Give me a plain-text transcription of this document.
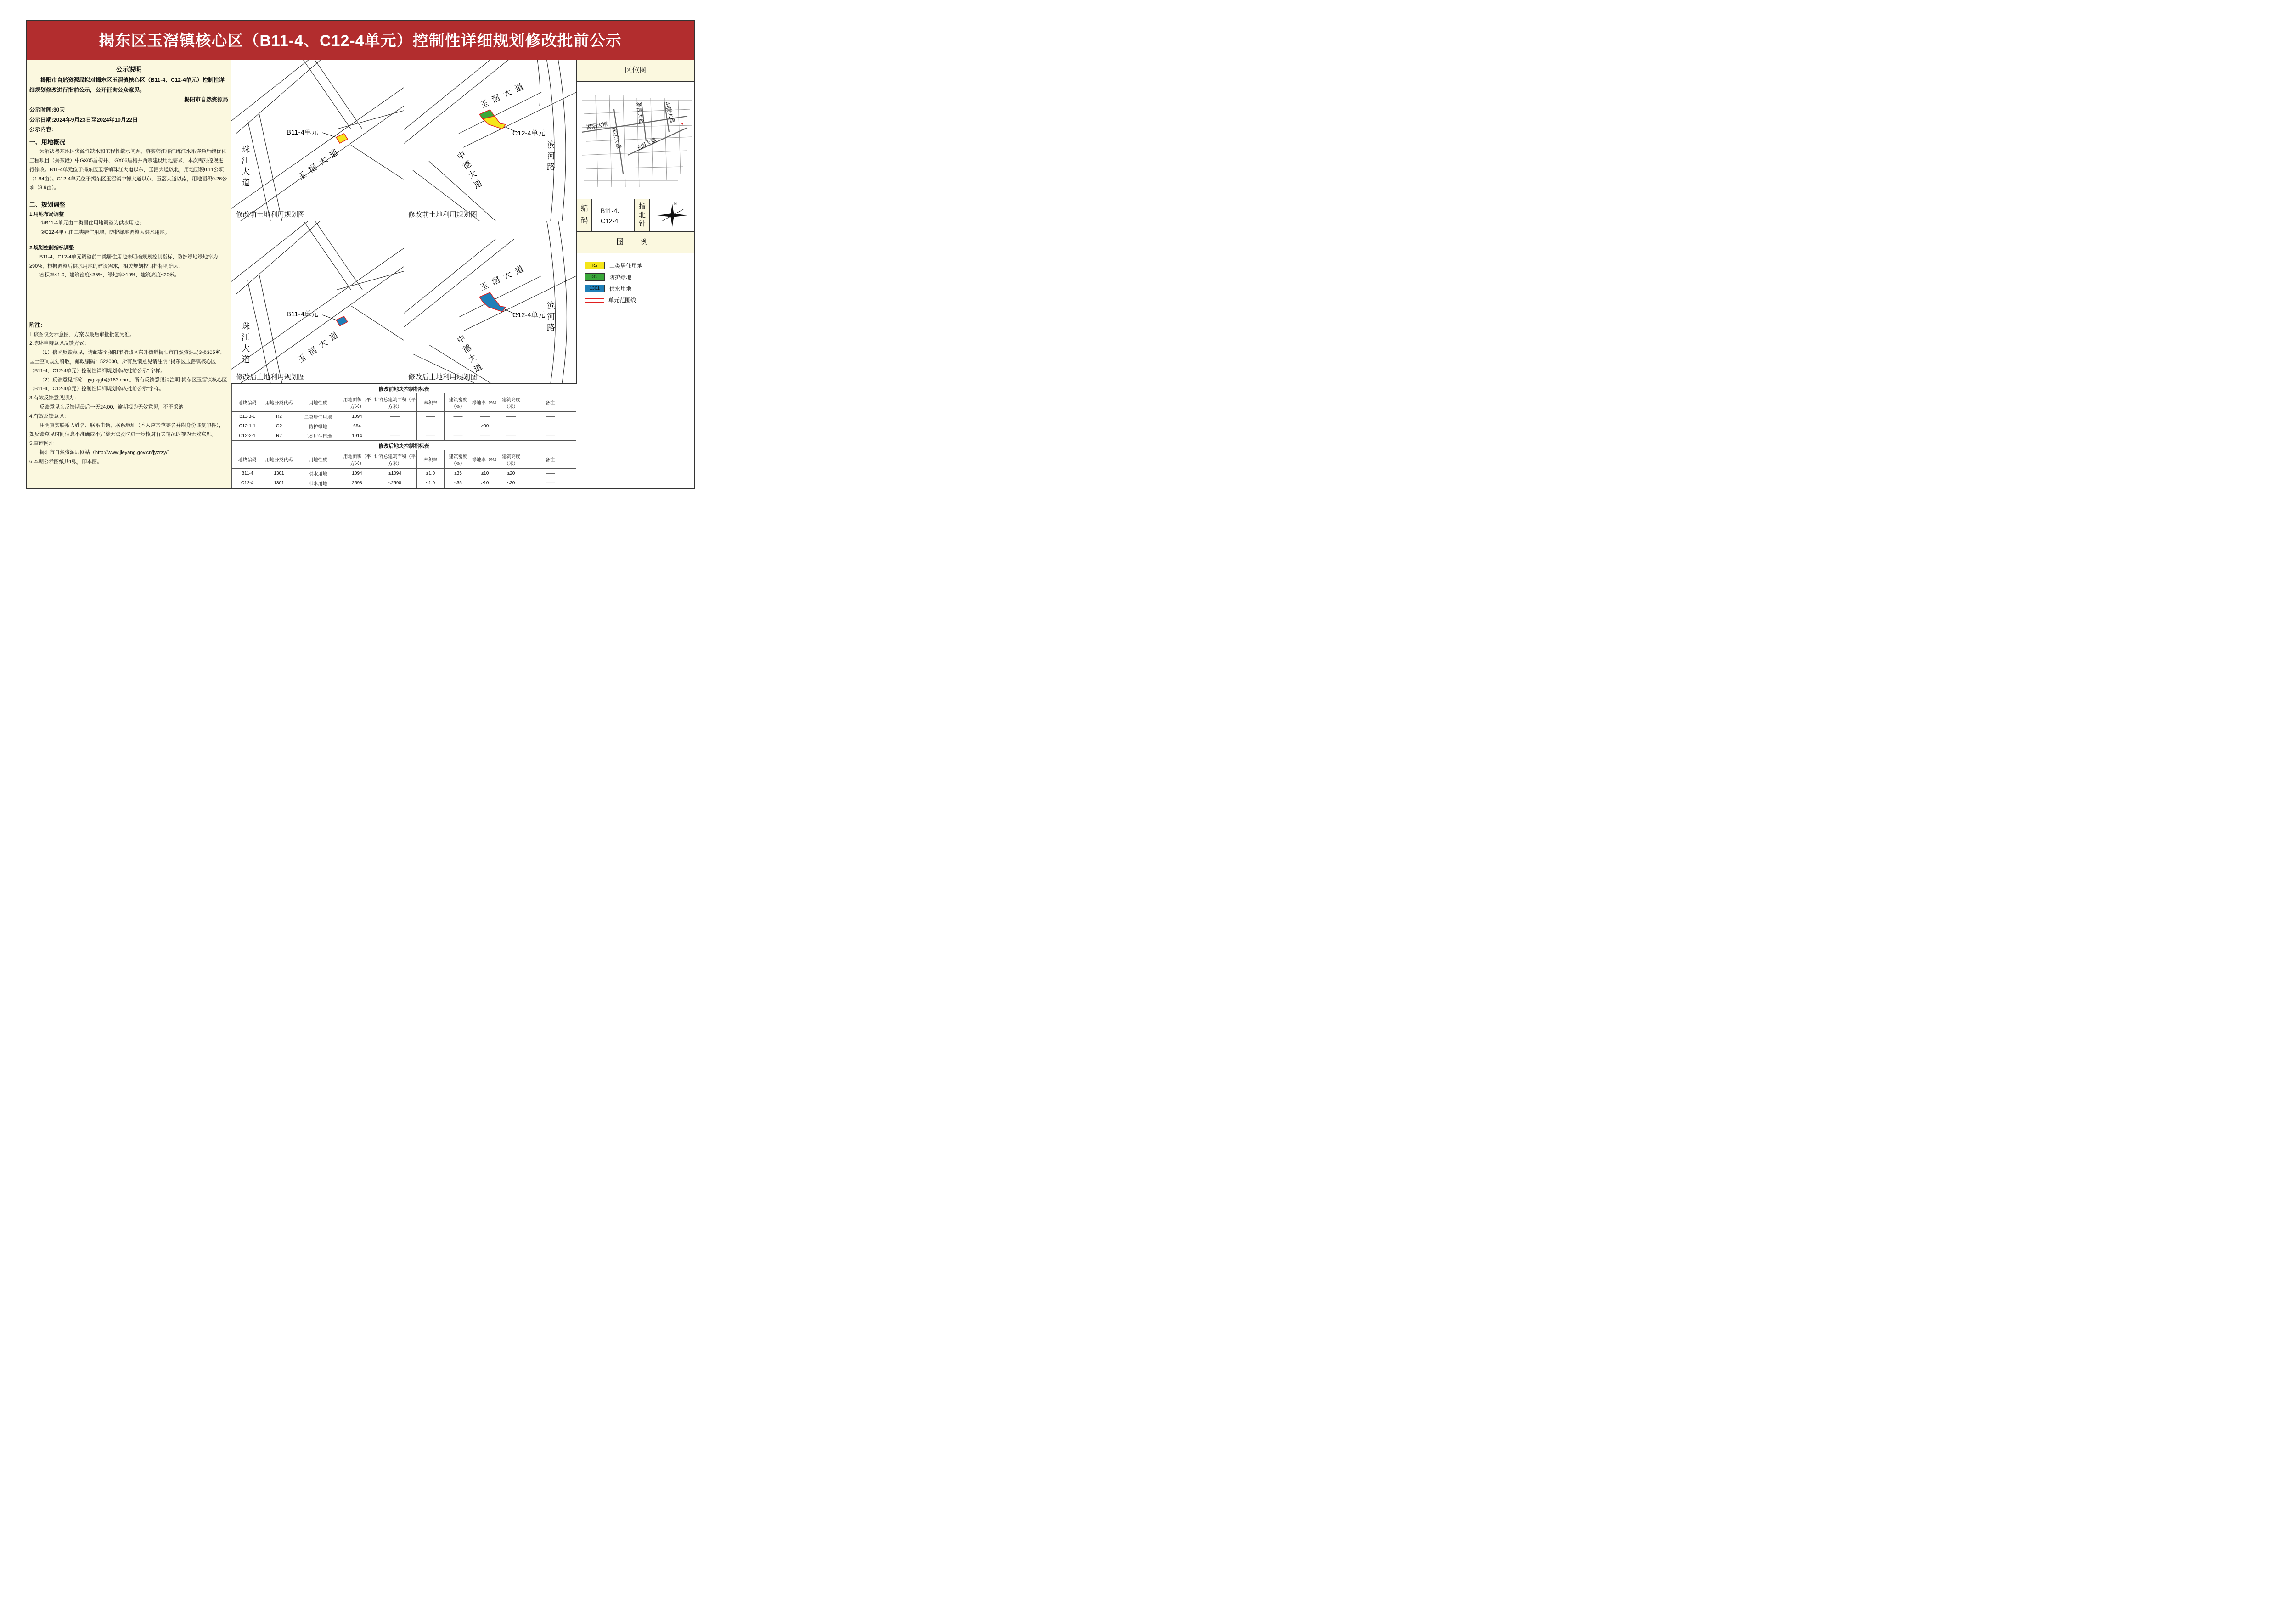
揭东区玉滘镇核心区（B11-4、C12-4单元）控制性详细规划修改批前公示
公示说明

揭阳市自然资源局拟对揭东区玉滘镇核心区（B11-4、C12-4单元）控制性详细规划修改进行批前公示，公开征询公众意见。

揭阳市自然资源局

公示时间:30天

公示日期:2024年9月23日至2024年10月22日

公示内容:

一、用地概况

为解决粤东地区资源性缺水和工程性缺水问题，落实韩江榕江练江水系连通后续优化工程项目（揭东段）中GX05盾构井、 GX06盾构井两宗建设用地需求，本次需对控规进行修改。B11-4单元位于揭东区玉滘镇珠江大道以东，玉滘大道以北，用地面积0.11公顷（1.64亩）。C12-4单元位于揭东区玉滘镇中德大道以东，玉滘大道以南，用地面积0.26公顷（3.9亩）。

二、规划调整

1.用地布局调整

①B11-4单元由二类居住用地调整为供水用地；

②C12-4单元由二类居住用地、防护绿地调整为供水用地。

2.规划控制指标调整

B11-4、C12-4单元调整前二类居住用地未明确规划控制指标，防护绿地绿地率为≥90%，根据调整后供水用地的建设需求，相关规划控制指标明确为：

容积率≤1.0，建筑密度≤35%，绿地率≥10%，建筑高度≤20米。

附注:

1.该图仅为示意图，方案以最后审批批复为准。

2.陈述申辩意见反馈方式：

（1）信函反馈意见，请邮寄至揭阳市榕城区东升街道揭阳市自然资源局3楼305室，国土空间规划科收，邮政编码：522000。所有反馈意见请注明 “揭东区玉滘镇核心区（B11-4、C12-4单元）控制性详细规划修改批前公示” 字样。

（2）反馈意见邮箱：jygtkjgh@163.com。所有反馈意见请注明“揭东区玉滘镇核心区（B11-4、C12-4单元）控制性详细规划修改批前公示”字样。

3.有效反馈意见期为：

反馈意见为反馈期最后一天24:00，逾期视为无效意见，不予采纳。

4.有效反馈意见：

注明真实联系人姓名、联系电话、联系地址（本人应亲笔签名并附身份证复印件），如反馈意见时间信息不准确或不完整无法及时进一步核对有关情况的视为无效意见。

5.查询网址

揭阳市自然资源局网站（http://www.jieyang.gov.cn/jyzrzy/）

6.本期公示图纸共1张，即本图。

B11-4单元
珠江大道	玉滘大道
修改前土地利用规划图
C12-4单元
玉滘大道
中德大道	滨河路
修改前土地利用规划图
B11-4单元
珠江大道	玉滘大道
修改后土地利用规划图
C12-4单元
玉滘大道
中德大道
滨河路
修改后土地利用规划图
修改前地块控制指标表									
地块编码	用地分类代码	用地性质	用地面积（平方米）	计容总建筑面积（平方米）	容积率	建筑密度（%）	绿地率（%）	建筑高度（米）	备注
B11-3-1	R2	二类居住用地	1094	——	——	——	——	——	——
C12-1-1	G2	防护绿地	684	——	——	——	≥90	——	——
C12-2-1	R2	二类居住用地	1914	——	——	——	——	——	——
修改后地块控制指标表									
地块编码	用地分类代码	用地性质	用地面积（平方米）	计容总建筑面积（平方米）	容积率	建筑密度（%）	绿地率（%）	建筑高度（米）	备注
B11-4	1301	供水用地	1094	≤1094	≤1.0	≤35	≥10	≤20	——
C12-4	1301	供水用地	2598	≤2598	≤1.0	≤35	≥10	≤20	——
区位图
揭阳大道
珠江大道
莱茵大道	中德大道
玉滘大道
编码
B11-4、
C12-4
指北针
N
图 例
R2	二类居住用地
G2	防护绿地
1301	供水用地
单元范围线
